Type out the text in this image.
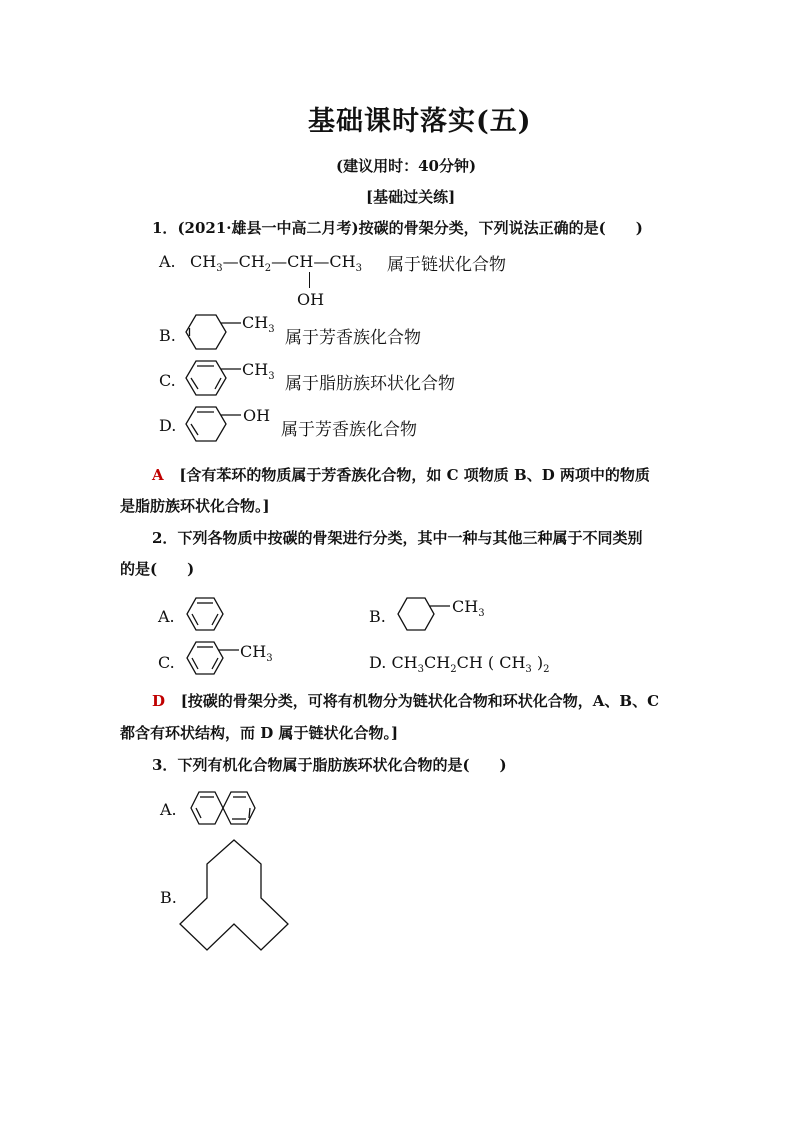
基础课时落实(五)
(建议用时：40分钟)
[基础过关练]
1．(2021·雄县一中高二月考)按碳的骨架分类，下列说法正确的是(　　)
A. $CH_3—CH_2—CH—CH_3$
OH
属于链状化合物
B.
$CH_3$ 属于芳香族化合物
C.
$CH_3$ 属于脂肪族环状化合物
D.
OH
属于芳香族化合物
A [含有苯环的物质属于芳香族化合物，如 C 项物质 B、D 两项中的物质
是脂肪族环状化合物。]
2．下列各物质中按碳的骨架进行分类，其中一种与其他三种属于不同类别
的是(　　)
A.	B.
$CH_3$
C.
$CH_3$	D. $CH_3CH_2CH$ ( $CH_3$ )$_2$
D [按碳的骨架分类，可将有机物分为链状化合物和环状化合物，A、B、C
都含有环状结构，而 D 属于链状化合物。]
3．下列有机化合物属于脂肪族环状化合物的是(　　)
A.
B.
